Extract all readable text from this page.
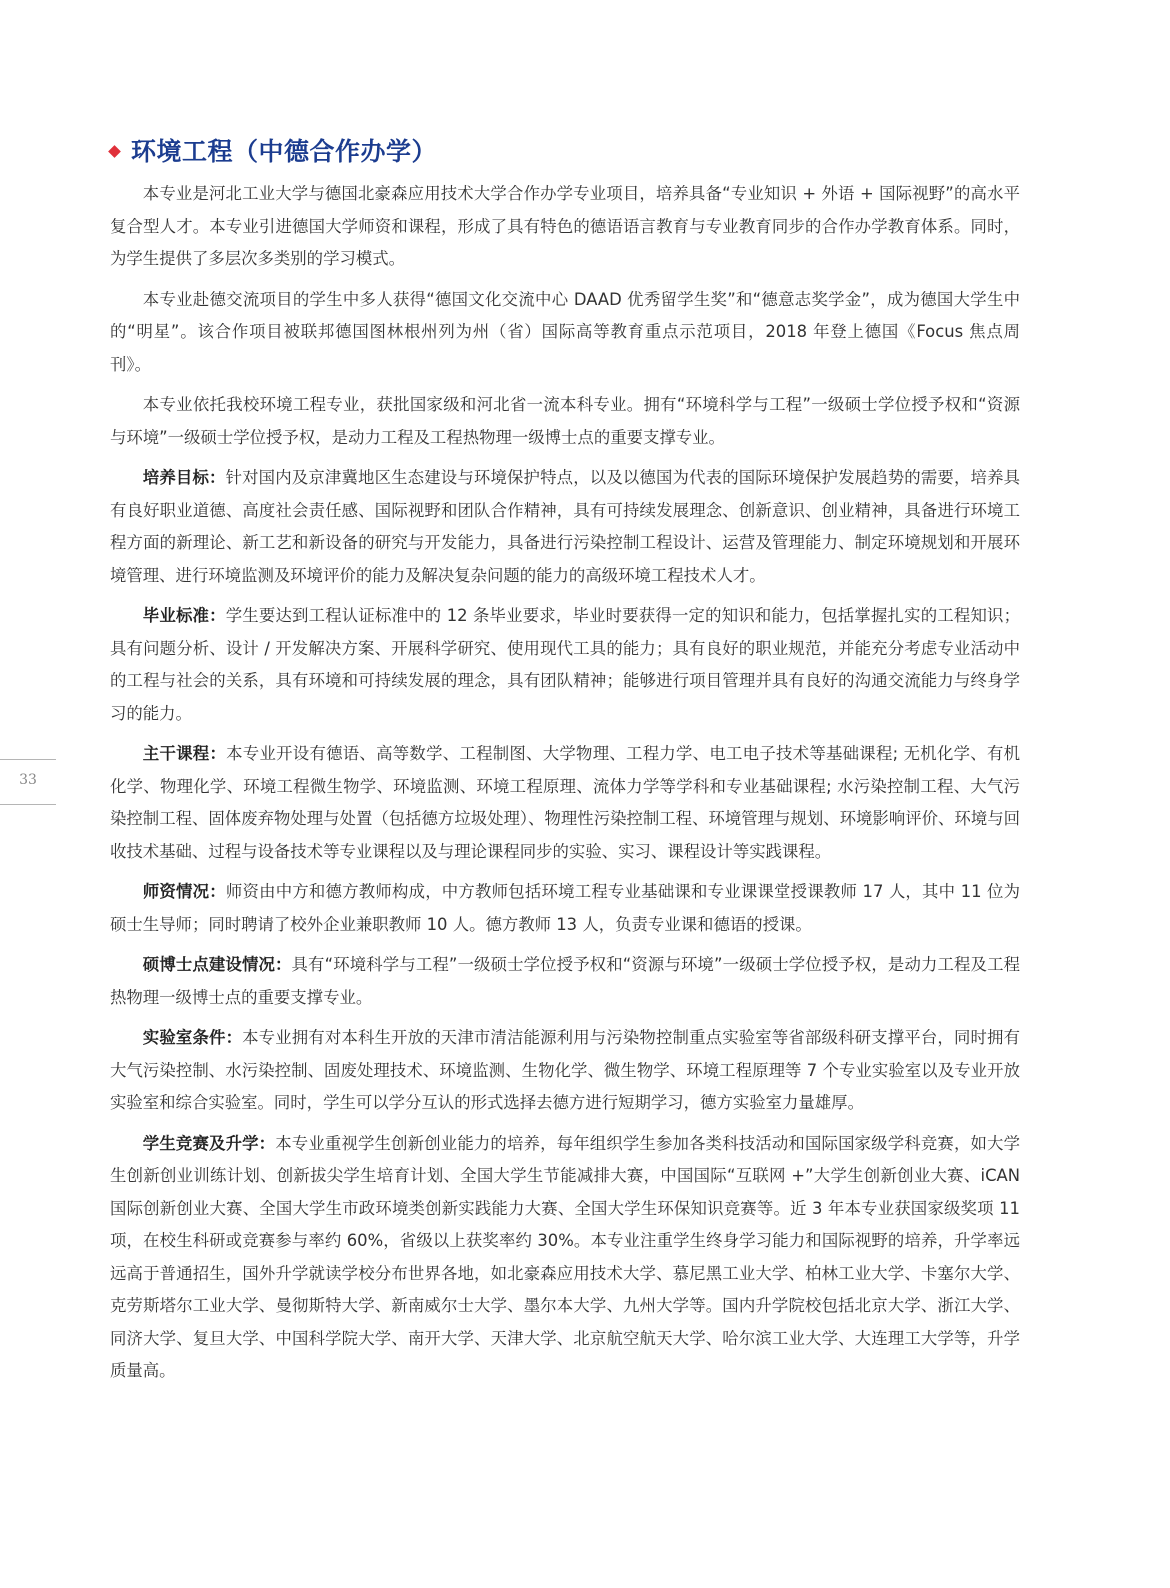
环境工程（中德合作办学）

本专业是河北工业大学与德国北豪森应用技术大学合作办学专业项目，培养具备“专业知识 + 外语 + 国际视野”的高水平复合型人才。本专业引进德国大学师资和课程，形成了具有特色的德语语言教育与专业教育同步的合作办学教育体系。同时，为学生提供了多层次多类别的学习模式。

本专业赴德交流项目的学生中多人获得“德国文化交流中心 DAAD 优秀留学生奖”和“德意志奖学金”，成为德国大学生中的“明星”。该合作项目被联邦德国图林根州列为州（省）国际高等教育重点示范项目，2018 年登上德国《Focus 焦点周刊》。

本专业依托我校环境工程专业，获批国家级和河北省一流本科专业。拥有“环境科学与工程”一级硕士学位授予权和“资源与环境”一级硕士学位授予权，是动力工程及工程热物理一级博士点的重要支撑专业。

培养目标：针对国内及京津冀地区生态建设与环境保护特点，以及以德国为代表的国际环境保护发展趋势的需要，培养具有良好职业道德、高度社会责任感、国际视野和团队合作精神，具有可持续发展理念、创新意识、创业精神，具备进行环境工程方面的新理论、新工艺和新设备的研究与开发能力，具备进行污染控制工程设计、运营及管理能力、制定环境规划和开展环境管理、进行环境监测及环境评价的能力及解决复杂问题的能力的高级环境工程技术人才。

毕业标准：学生要达到工程认证标准中的 12 条毕业要求，毕业时要获得一定的知识和能力，包括掌握扎实的工程知识；具有问题分析、设计 / 开发解决方案、开展科学研究、使用现代工具的能力；具有良好的职业规范，并能充分考虑专业活动中的工程与社会的关系，具有环境和可持续发展的理念，具有团队精神；能够进行项目管理并具有良好的沟通交流能力与终身学习的能力。

主干课程：本专业开设有德语、高等数学、工程制图、大学物理、工程力学、电工电子技术等基础课程; 无机化学、有机化学、物理化学、环境工程微生物学、环境监测、环境工程原理、流体力学等学科和专业基础课程; 水污染控制工程、大气污染控制工程、固体废弃物处理与处置（包括德方垃圾处理）、物理性污染控制工程、环境管理与规划、环境影响评价、环境与回收技术基础、过程与设备技术等专业课程以及与理论课程同步的实验、实习、课程设计等实践课程。

师资情况：师资由中方和德方教师构成，中方教师包括环境工程专业基础课和专业课课堂授课教师 17 人，其中 11 位为硕士生导师；同时聘请了校外企业兼职教师 10 人。德方教师 13 人，负责专业课和德语的授课。

硕博士点建设情况：具有“环境科学与工程”一级硕士学位授予权和“资源与环境”一级硕士学位授予权，是动力工程及工程热物理一级博士点的重要支撑专业。

实验室条件：本专业拥有对本科生开放的天津市清洁能源利用与污染物控制重点实验室等省部级科研支撑平台，同时拥有大气污染控制、水污染控制、固废处理技术、环境监测、生物化学、微生物学、环境工程原理等 7 个专业实验室以及专业开放实验室和综合实验室。同时，学生可以学分互认的形式选择去德方进行短期学习，德方实验室力量雄厚。

学生竞赛及升学：本专业重视学生创新创业能力的培养，每年组织学生参加各类科技活动和国际国家级学科竞赛，如大学生创新创业训练计划、创新拔尖学生培育计划、全国大学生节能减排大赛，中国国际“互联网 +”大学生创新创业大赛、iCAN 国际创新创业大赛、全国大学生市政环境类创新实践能力大赛、全国大学生环保知识竞赛等。近 3 年本专业获国家级奖项 11 项，在校生科研或竞赛参与率约 60%，省级以上获奖率约 30%。本专业注重学生终身学习能力和国际视野的培养，升学率远远高于普通招生，国外升学就读学校分布世界各地，如北豪森应用技术大学、慕尼黑工业大学、柏林工业大学、卡塞尔大学、克劳斯塔尔工业大学、曼彻斯特大学、新南威尔士大学、墨尔本大学、九州大学等。国内升学院校包括北京大学、浙江大学、同济大学、复旦大学、中国科学院大学、南开大学、天津大学、北京航空航天大学、哈尔滨工业大学、大连理工大学等，升学质量高。

33
